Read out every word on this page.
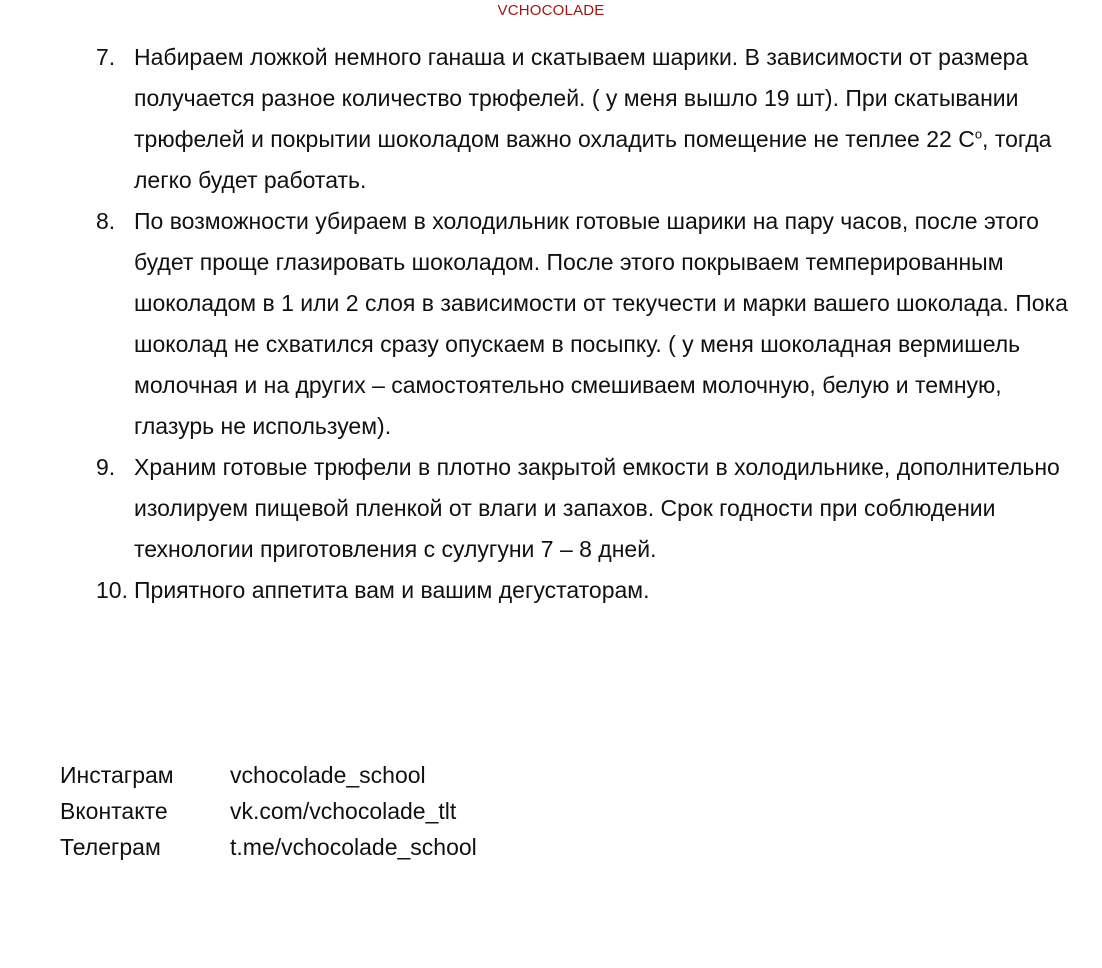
VCHOCOLADE
7. Набираем ложкой немного ганаша и скатываем шарики. В зависимости от размера получается разное количество трюфелей. ( у меня вышло 19 шт). При скатывании трюфелей и покрытии шоколадом важно охладить помещение не теплее 22 $С^о$, тогда легко будет работать.
8. По возможности убираем в холодильник готовые шарики на пару часов, после этого будет проще глазировать шоколадом. После этого покрываем темперированным шоколадом в 1 или 2 слоя в зависимости от текучести и марки вашего шоколада. Пока шоколад не схватился сразу опускаем в посыпку. ( у меня шоколадная вермишель молочная и на других – самостоятельно смешиваем молочную, белую и темную, глазурь не используем).
9. Храним готовые трюфели в плотно закрытой емкости в холодильнике, дополнительно изолируем пищевой пленкой от влаги и запахов. Срок годности при соблюдении технологии приготовления с сулугуни 7 – 8 дней.
10. Приятного аппетита вам и вашим дегустаторам.
Инстаграм	vchocolade_school
Вконтакте	vk.com/vchocolade_tlt
Телеграм	t.me/vchocolade_school
